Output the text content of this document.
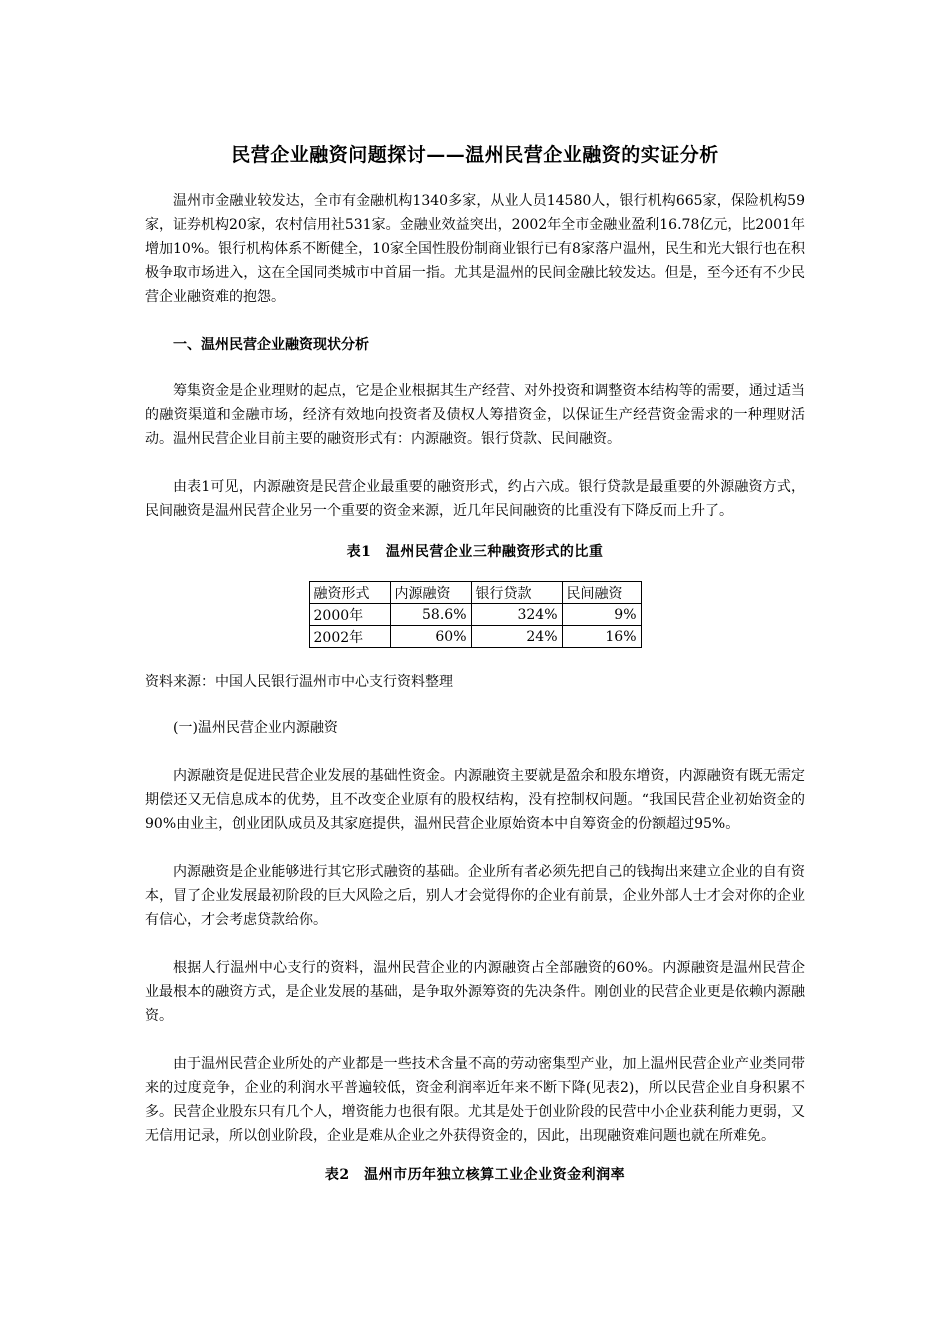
民营企业融资问题探讨——温州民营企业融资的实证分析
温州市金融业较发达，全市有金融机构1340多家，从业人员14580人，银行机构665家，保险机构59家，证券机构20家，农村信用社531家。金融业效益突出，2002年全市金融业盈利16.78亿元，比2001年增加10%。银行机构体系不断健全，10家全国性股份制商业银行已有8家落户温州，民生和光大银行也在积极争取市场进入，这在全国同类城市中首届一指。尤其是温州的民间金融比较发达。但是，至今还有不少民营企业融资难的抱怨。
一、温州民营企业融资现状分析
筹集资金是企业理财的起点，它是企业根据其生产经营、对外投资和调整资本结构等的需要，通过适当的融资渠道和金融市场，经济有效地向投资者及债权人筹措资金，以保证生产经营资金需求的一种理财活动。温州民营企业目前主要的融资形式有：内源融资。银行贷款、民间融资。
由表1可见，内源融资是民营企业最重要的融资形式，约占六成。银行贷款是最重要的外源融资方式，民间融资是温州民营企业另一个重要的资金来源，近几年民间融资的比重没有下降反而上升了。
表1　温州民营企业三种融资形式的比重
融资形式	内源融资	银行贷款	民间融资
2000年	58.6%	324%	9%
2002年	60%	24%	16%
资料来源：中国人民银行温州市中心支行资料整理
(一)温州民营企业内源融资
内源融资是促进民营企业发展的基础性资金。内源融资主要就是盈余和股东增资，内源融资有既无需定期偿还又无信息成本的优势，且不改变企业原有的股权结构，没有控制权问题。“我国民营企业初始资金的90%由业主，创业团队成员及其家庭提供，温州民营企业原始资本中自筹资金的份额超过95%。
内源融资是企业能够进行其它形式融资的基础。企业所有者必须先把自己的钱掏出来建立企业的自有资本，冒了企业发展最初阶段的巨大风险之后，别人才会觉得你的企业有前景，企业外部人士才会对你的企业有信心，才会考虑贷款给你。
根据人行温州中心支行的资料，温州民营企业的内源融资占全部融资的60%。内源融资是温州民营企业最根本的融资方式，是企业发展的基础，是争取外源筹资的先决条件。刚创业的民营企业更是依赖内源融资。
由于温州民营企业所处的产业都是一些技术含量不高的劳动密集型产业，加上温州民营企业产业类同带来的过度竞争，企业的利润水平普遍较低，资金利润率近年来不断下降(见表2)，所以民营企业自身积累不多。民营企业股东只有几个人，增资能力也很有限。尤其是处于创业阶段的民营中小企业获利能力更弱，又无信用记录，所以创业阶段，企业是难从企业之外获得资金的，因此，出现融资难问题也就在所难免。
表2　温州市历年独立核算工业企业资金利润率
